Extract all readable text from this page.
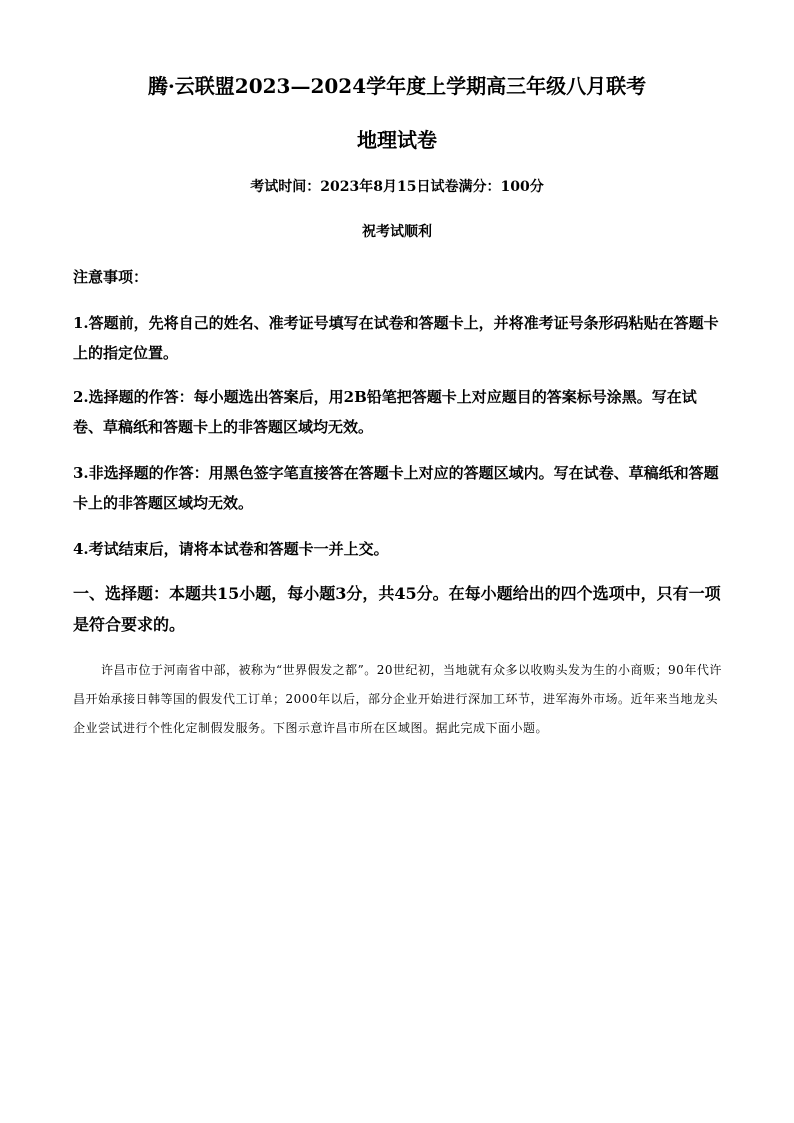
腾·云联盟2023—2024学年度上学期高三年级八月联考
地理试卷
考试时间：2023年8月15日试卷满分：100分
祝考试顺利
注意事项：
1.答题前，先将自己的姓名、准考证号填写在试卷和答题卡上，并将准考证号条形码粘贴在答题卡上的指定位置。
2.选择题的作答：每小题选出答案后，用2B铅笔把答题卡上对应题目的答案标号涂黑。写在试卷、草稿纸和答题卡上的非答题区域均无效。
3.非选择题的作答：用黑色签字笔直接答在答题卡上对应的答题区域内。写在试卷、草稿纸和答题卡上的非答题区域均无效。
4.考试结束后，请将本试卷和答题卡一并上交。
一、选择题：本题共15小题，每小题3分，共45分。在每小题给出的四个选项中，只有一项是符合要求的。
许昌市位于河南省中部，被称为“世界假发之都”。20世纪初，当地就有众多以收购头发为生的小商贩；90年代许昌开始承接日韩等国的假发代工订单；2000年以后，部分企业开始进行深加工环节，进军海外市场。近年来当地龙头企业尝试进行个性化定制假发服务。下图示意许昌市所在区域图。据此完成下面小题。
